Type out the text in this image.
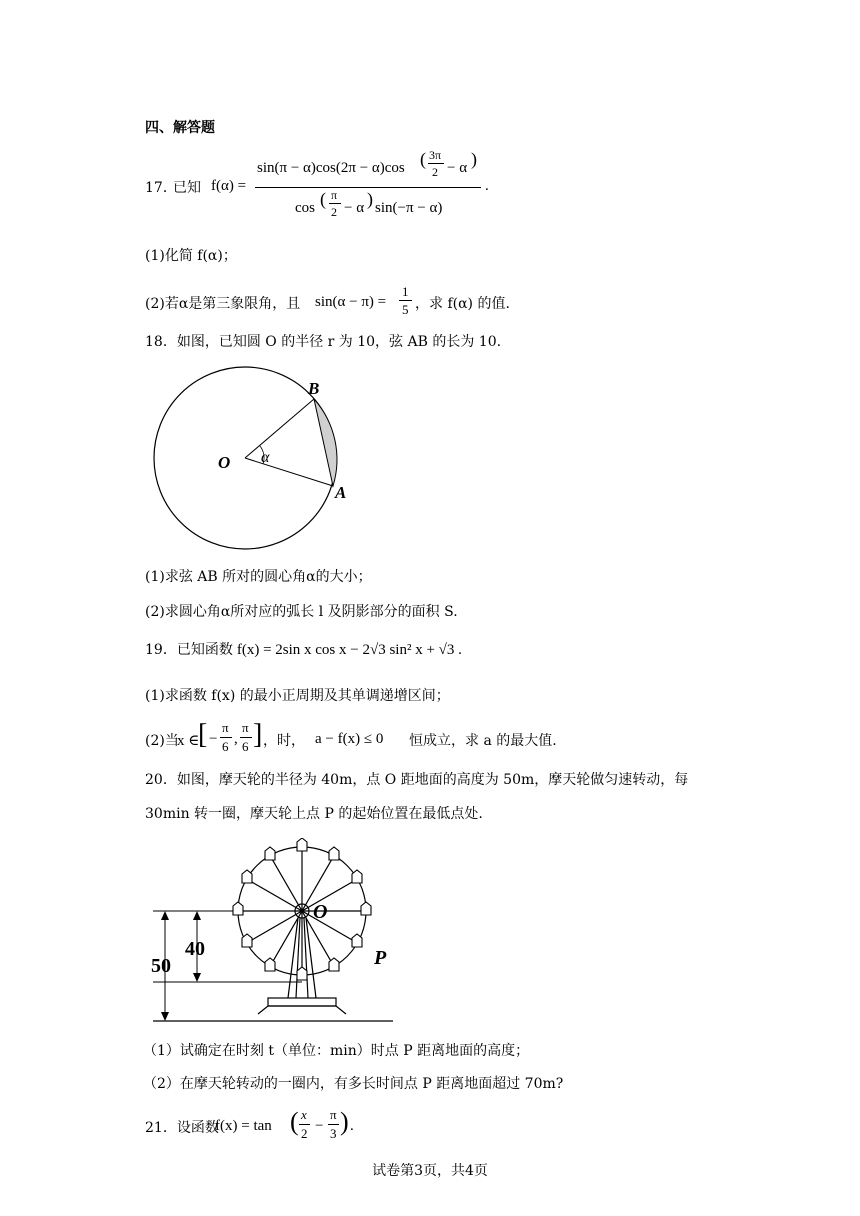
四、解答题
17．
已知 f(α) =
sin(π − α)cos(2π − α)cos ( 3π
2 − α )
cos ( π
2 − α ) sin(−π − α)
.
(1)化简 f(α)；
(2)若α是第三象限角，且 sin(α − π) =
1
5 ，求 f(α) 的值.
18．如图，已知圆 O 的半径 r 为 10，弦 AB 的长为 10.
O
B
A
α
(1)求弦 AB 所对的圆心角α的大小；
(2)求圆心角α所对应的弧长 l 及阴影部分的面积 S.
19．已知函数 f(x) = 2sin x cos x − 2√3 sin² x + √3 .
(1)求函数 f(x) 的最小正周期及其单调递增区间；
(2)当
x ∈
[ −
π
6 ,
π
6 ] ，时， a − f(x) ≤ 0 恒成立，求 a 的最大值.
20．如图，摩天轮的半径为 40m，点 O 距地面的高度为 50m，摩天轮做匀速转动，每
30min 转一圈，摩天轮上点 P 的起始位置在最低点处.
50
40
O
P
（1）试确定在时刻 t（单位：min）时点 P 距离地面的高度；
（2）在摩天轮转动的一圈内，有多长时间点 P 距离地面超过 70m?
21．设函数
f(x) = tan ( x
2 −
π
3 ) .
试卷第3页，共4页
